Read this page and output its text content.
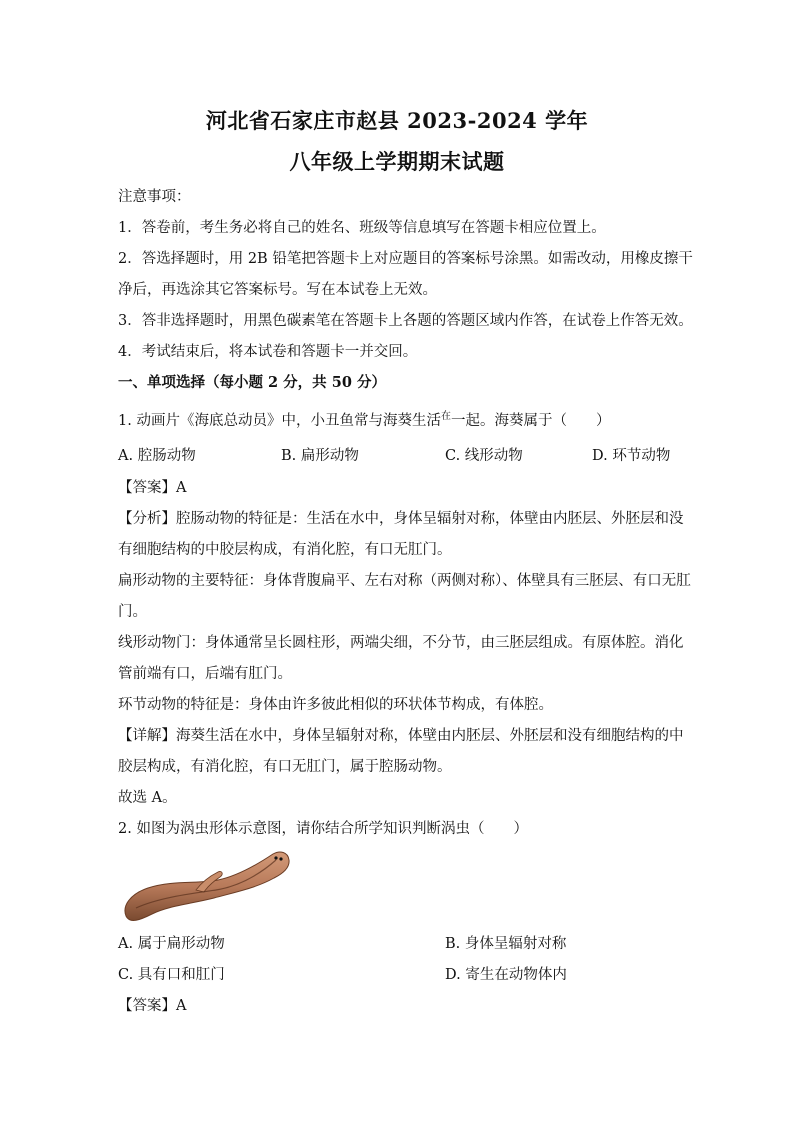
河北省石家庄市赵县 2023-2024 学年
八年级上学期期末试题
注意事项：
1．答卷前，考生务必将自己的姓名、班级等信息填写在答题卡相应位置上。
2．答选择题时，用 2B 铅笔把答题卡上对应题目的答案标号涂黑。如需改动，用橡皮擦干
净后，再选涂其它答案标号。写在本试卷上无效。
3．答非选择题时，用黑色碳素笔在答题卡上各题的答题区域内作答，在试卷上作答无效。
4．考试结束后，将本试卷和答题卡一并交回。
一、单项选择（每小题 2 分，共 50 分）
1. 动画片《海底总动员》中，小丑鱼常与海葵生活$^在$一起。海葵属于（　　）
A. 腔肠动物	B. 扁形动物	C. 线形动物	D. 环节动物
【答案】A
【分析】腔肠动物的特征是：生活在水中，身体呈辐射对称，体壁由内胚层、外胚层和没
有细胞结构的中胶层构成，有消化腔，有口无肛门。
扁形动物的主要特征：身体背腹扁平、左右对称（两侧对称）、体壁具有三胚层、有口无肛
门。
线形动物门：身体通常呈长圆柱形，两端尖细，不分节，由三胚层组成。有原体腔。消化
管前端有口，后端有肛门。
环节动物的特征是：身体由许多彼此相似的环状体节构成，有体腔。
【详解】海葵生活在水中，身体呈辐射对称，体壁由内胚层、外胚层和没有细胞结构的中
胶层构成，有消化腔，有口无肛门，属于腔肠动物。
故选 A。
2. 如图为涡虫形体示意图，请你结合所学知识判断涡虫（　　）
A. 属于扁形动物	B. 身体呈辐射对称
C. 具有口和肛门	D. 寄生在动物体内
【答案】A
